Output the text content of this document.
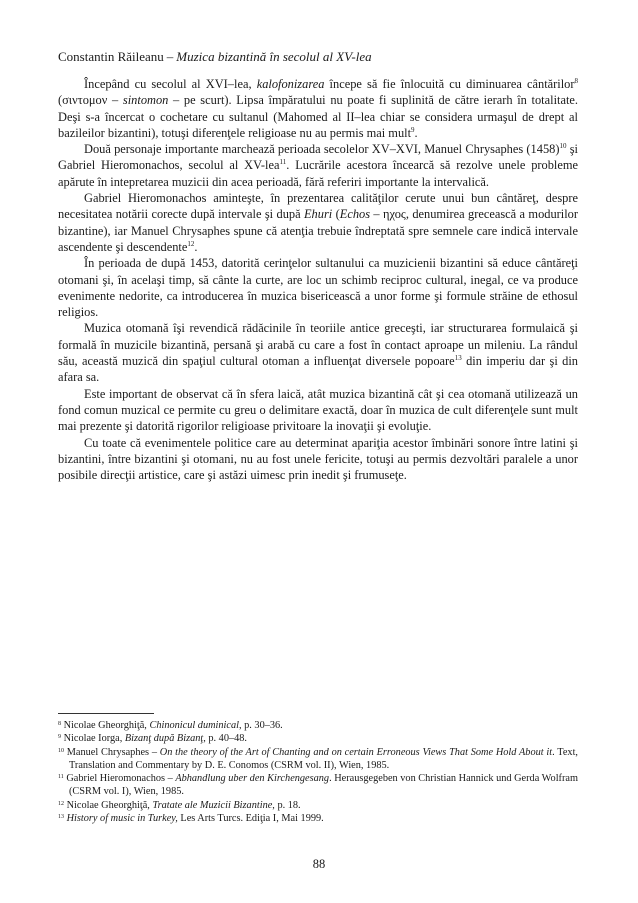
Constantin Răileanu – Muzica bizantină în secolul al XV-lea

Începând cu secolul al XVI–lea, kalofonizarea începe să fie înlocuită cu diminuarea cântărilor$^8$ (σιντομον – sintomon – pe scurt). Lipsa împăratului nu poate fi suplinită de către ierarh în totalitate. Deşi s-a încercat o cochetare cu sultanul (Mahomed al II–lea chiar se considera urmaşul de drept al bazileilor bizantini), totuşi diferenţele religioase nu au permis mai mult$^9$.

Două personaje importante marchează perioada secolelor XV–XVI, Manuel Chrysaphes $(1458)^{10}$ şi Gabriel Hieromonachos, secolul al XV-lea$^{11}$. Lucrările acestora încearcă să rezolve unele probleme apărute în intepretarea muzicii din acea perioadă, fără referiri importante la intervalică.

Gabriel Hieromonachos aminteşte, în prezentarea calităţilor cerute unui bun cântăreţ, despre necesitatea notării corecte după intervale şi după Ehuri (Echos – ηχος, denumirea grecească a modurilor bizantine), iar Manuel Chrysaphes spune că atenţia trebuie îndreptată spre semnele care indică intervale ascendente şi descendente$^{12}$.

În perioada de după 1453, datorită cerinţelor sultanului ca muzicienii bizantini să educe cântăreţi otomani şi, în acelaşi timp, să cânte la curte, are loc un schimb reciproc cultural, inegal, ce va produce evenimente nedorite, ca introducerea în muzica bisericească a unor forme şi formule străine de ethosul religios.

Muzica otomană îşi revendică rădăcinile în teoriile antice greceşti, iar structurarea formulaică şi formală în muzicile bizantină, persană şi arabă cu care a fost în contact aproape un mileniu. La rândul său, această muzică din spaţiul cultural otoman a influenţat diversele popoare$^{13}$ din imperiu dar şi din afara sa.

Este important de observat că în sfera laică, atât muzica bizantină cât şi cea otomană utilizează un fond comun muzical ce permite cu greu o delimitare exactă, doar în muzica de cult diferenţele sunt mult mai prezente şi datorită rigorilor religioase privitoare la inovaţii şi evoluţie.

Cu toate că evenimentele politice care au determinat apariţia acestor îmbinări sonore între latini şi bizantini, între bizantini şi otomani, nu au fost unele fericite, totuşi au permis dezvoltări paralele a unor posibile direcţii artistice, care şi astăzi uimesc prin inedit şi frumuseţe.

$^8$ Nicolae Gheorghiţă, Chinonicul duminical, p. 30–36.
$^9$ Nicolae Iorga, Bizanţ după Bizanţ, p. 40–48.
$^{10}$ Manuel Chrysaphes – On the theory of the Art of Chanting and on certain Erroneous Views That Some Hold About it. Text, Translation and Commentary by D. E. Conomos (CSRM vol. II), Wien, 1985.
$^{11}$ Gabriel Hieromonachos – Abhandlung uber den Kirchengesang. Herausgegeben von Christian Hannick und Gerda Wolfram (CSRM vol. I), Wien, 1985.
$^{12}$ Nicolae Gheorghiţă, Tratate ale Muzicii Bizantine, p. 18.
$^{13}$ History of music in Turkey, Les Arts Turcs. Ediţia I, Mai 1999.
88
